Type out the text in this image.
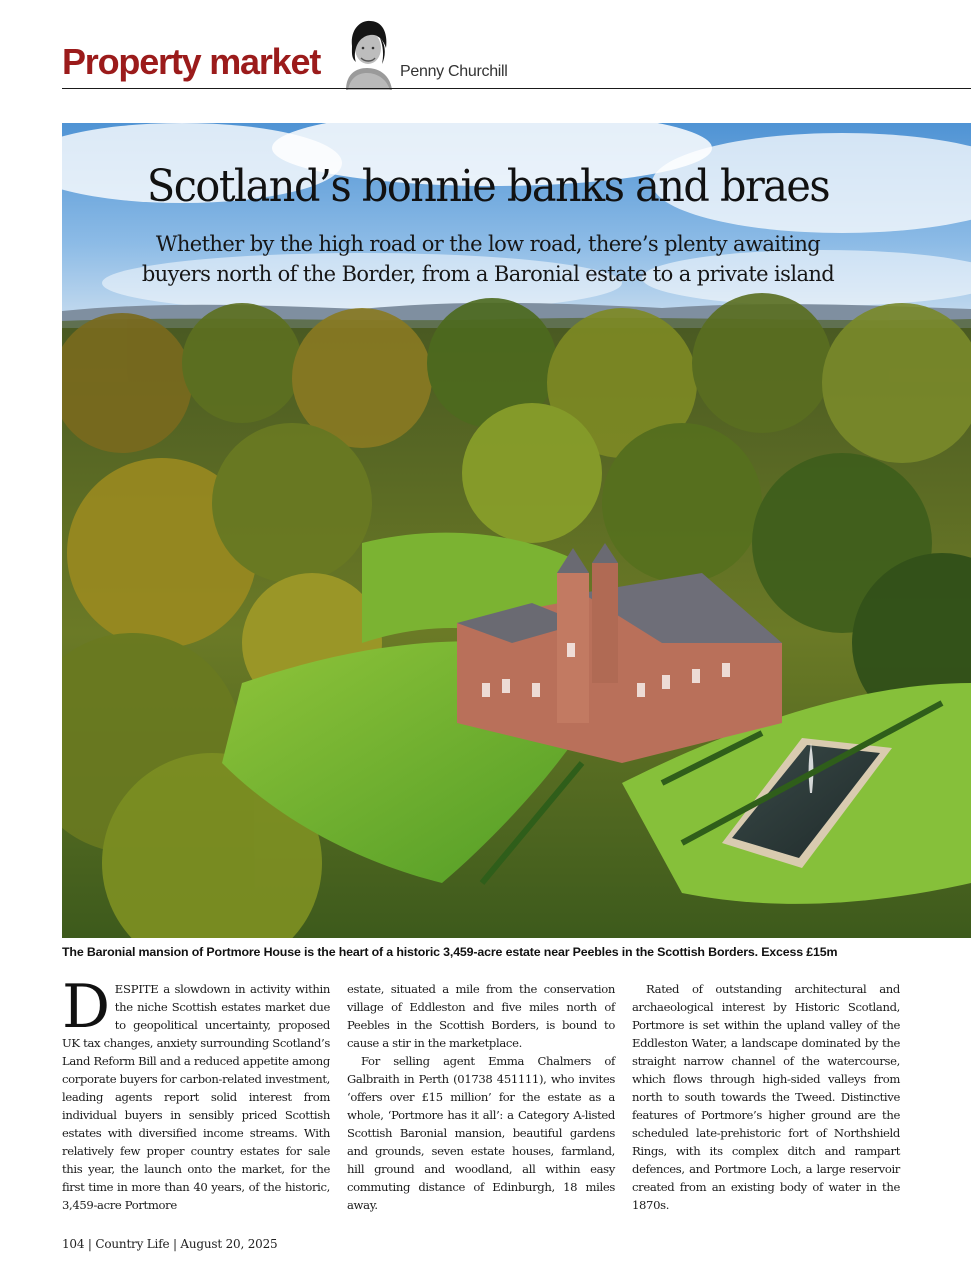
Property market	Penny Churchill
Scotland’s bonnie banks and braes
Whether by the high road or the low road, there’s plenty awaiting
buyers north of the Border, from a Baronial estate to a private island
The Baronial mansion of Portmore House is the heart of a historic 3,459-acre estate near Peebles in the Scottish Borders. Excess £15m

DESPITE a slowdown in activity within the niche Scottish estates market due to geopolitical uncertainty, proposed UK tax changes, anxiety surrounding Scotland’s Land Reform Bill and a reduced appetite among corporate buyers for carbon-related investment, leading agents report solid interest from individual buyers in sensibly priced Scottish estates with diversified income streams. With relatively few proper country estates for sale this year, the launch onto the market, for the first time in more than 40 years, of the historic, 3,459-acre Portmore

estate, situated a mile from the conservation village of Eddleston and five miles north of Peebles in the Scottish Borders, is bound to cause a stir in the marketplace.

For selling agent Emma Chalmers of Galbraith in Perth (01738 451111), who invites ‘offers over £15 million’ for the estate as a whole, ‘Portmore has it all’: a Category A-listed Scottish Baronial mansion, beautiful gardens and grounds, seven estate houses, farmland, hill ground and woodland, all within easy commuting distance of Edinburgh, 18 miles away.

Rated of outstanding architectural and archaeological interest by Historic Scotland, Portmore is set within the upland valley of the Eddleston Water, a landscape dominated by the straight narrow channel of the watercourse, which flows through high-sided valleys from north to south towards the Tweed. Distinctive features of Portmore’s higher ground are the scheduled late-prehistoric fort of Northshield Rings, with its complex ditch and rampart defences, and Portmore Loch, a large reservoir created from an existing body of water in the 1870s.

104 | Country Life | August 20, 2025
